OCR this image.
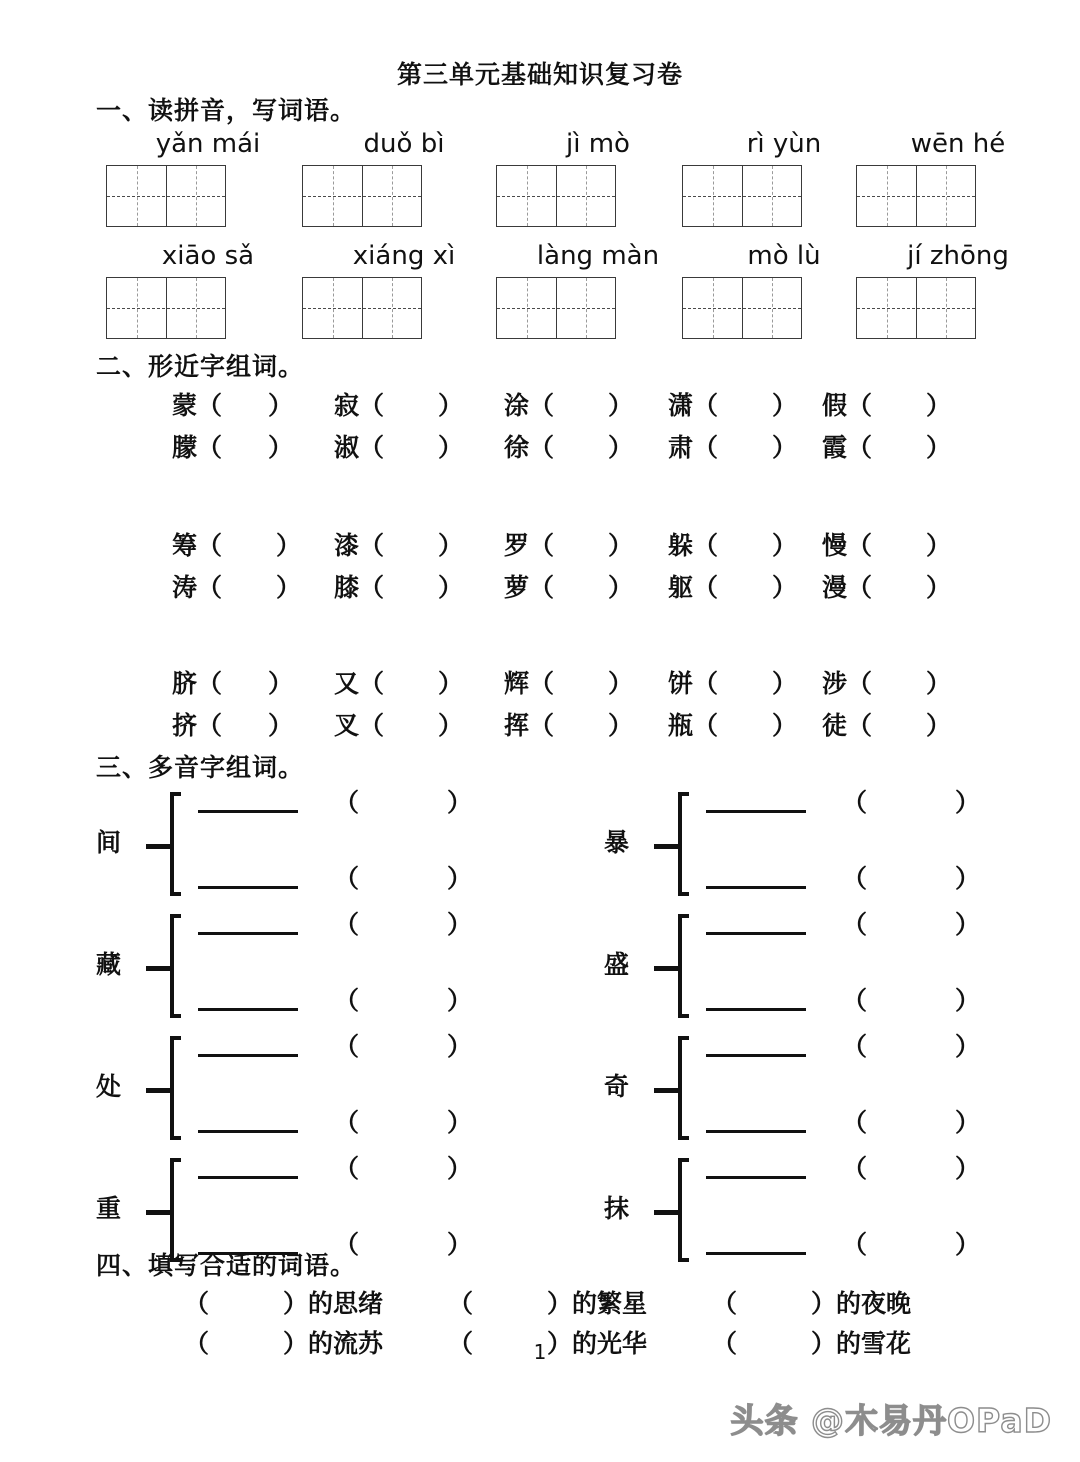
第三单元基础知识复习卷
一、读拼音，写词语。
yǎn mái	duǒ bì	jì mò	rì yùn	wēn hé
xiāo sǎ	xiáng xì	làng màn	mò lù	jí zhōng
二、形近字组词。
蒙（ ） 寂（ ） 涂（ ） 潇（ ） 假（ ）
朦（ ） 淑（ ） 徐（ ） 肃（ ） 霞（ ）
筹（ ） 漆（ ） 罗（ ） 躲（ ） 慢（ ）
涛（ ） 膝（ ） 萝（ ） 躯（ ） 漫（ ）
脐（ ） 又（ ） 辉（ ） 饼（ ） 涉（ ）
挤（ ） 叉（ ） 挥（ ） 瓶（ ） 徒（ ）
三、多音字组词。
间
（	）
（	）
藏
（	）
（	）
处
（	）
（	）
重
（	）
（	）
暴
（	）
（	）
盛
（	）
（	）
奇
（	）
（	）
抹
（	）
（	）
四、填写合适的词语。
（	）的思绪	（	）的繁星	（	）的夜晚
（	）的流苏	（	）的光华	（	）的雪花
1
头条 @木易丹OPaD
